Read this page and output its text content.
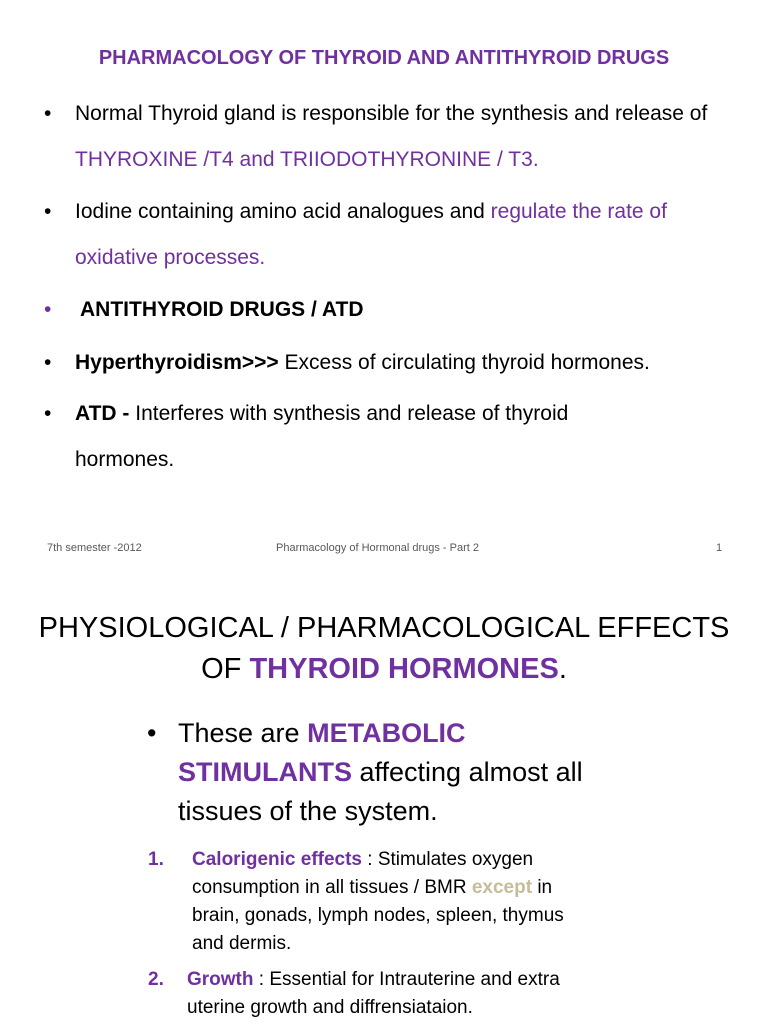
PHARMACOLOGY OF THYROID AND ANTITHYROID DRUGS
• Normal Thyroid gland is responsible for the synthesis and release of THYROXINE /T4 and TRIIODOTHYRONINE / T3.
• Iodine containing amino acid analogues and regulate the rate of oxidative processes.
• ANTITHYROID DRUGS / ATD
• Hyperthyroidism>>> Excess of circulating thyroid hormones.
• ATD - Interferes with synthesis and release of thyroid hormones.
7th semester -2012	Pharmacology of Hormonal drugs - Part 2	1
PHYSIOLOGICAL / PHARMACOLOGICAL EFFECTS
OF THYROID HORMONES.
• These are METABOLIC STIMULANTS affecting almost all tissues of the system.
1. Calorigenic effects : Stimulates oxygen consumption in all tissues / BMR except in brain, gonads, lymph nodes, spleen, thymus and dermis.
2. Growth : Essential for Intrauterine and extra uterine growth and diffrensiataion.
